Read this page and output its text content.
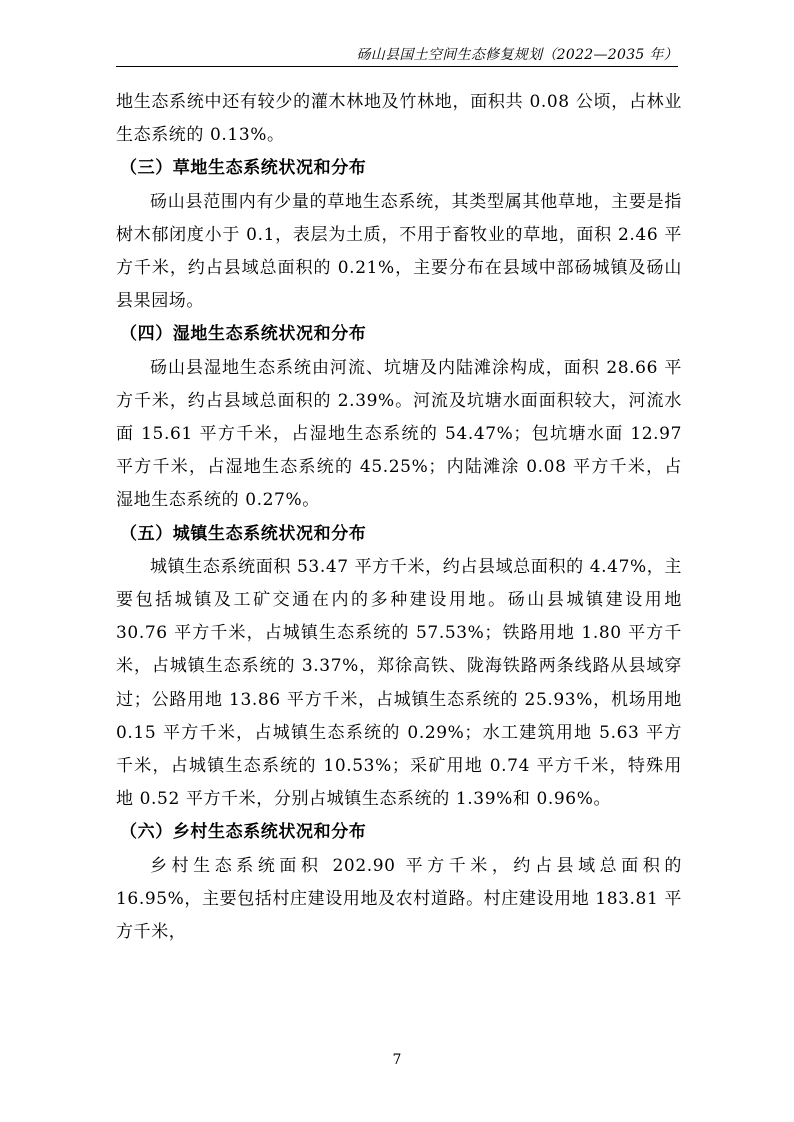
砀山县国土空间生态修复规划（2022—2035 年）

地生态系统中还有较少的灌木林地及竹林地，面积共 0.08 公顷，占林业生态系统的 0.13%。

（三）草地生态系统状况和分布

砀山县范围内有少量的草地生态系统，其类型属其他草地，主要是指树木郁闭度小于 0.1，表层为土质，不用于畜牧业的草地，面积 2.46 平方千米，约占县域总面积的 0.21%，主要分布在县域中部砀城镇及砀山县果园场。

（四）湿地生态系统状况和分布

砀山县湿地生态系统由河流、坑塘及内陆滩涂构成，面积 28.66 平方千米，约占县域总面积的 2.39%。河流及坑塘水面面积较大，河流水面 15.61 平方千米，占湿地生态系统的 54.47%；包坑塘水面 12.97 平方千米，占湿地生态系统的 45.25%；内陆滩涂 0.08 平方千米，占湿地生态系统的 0.27%。

（五）城镇生态系统状况和分布

城镇生态系统面积 53.47 平方千米，约占县域总面积的 4.47%，主要包括城镇及工矿交通在内的多种建设用地。砀山县城镇建设用地 30.76 平方千米，占城镇生态系统的 57.53%；铁路用地 1.80 平方千米，占城镇生态系统的 3.37%，郑徐高铁、陇海铁路两条线路从县域穿过；公路用地 13.86 平方千米，占城镇生态系统的 25.93%，机场用地 0.15 平方千米，占城镇生态系统的 0.29%；水工建筑用地 5.63 平方千米，占城镇生态系统的 10.53%；采矿用地 0.74 平方千米，特殊用地 0.52 平方千米，分别占城镇生态系统的 1.39%和 0.96%。

（六）乡村生态系统状况和分布

乡村生态系统面积 202.90 平方千米，约占县域总面积的 16.95%，主要包括村庄建设用地及农村道路。村庄建设用地 183.81 平方千米，

7
